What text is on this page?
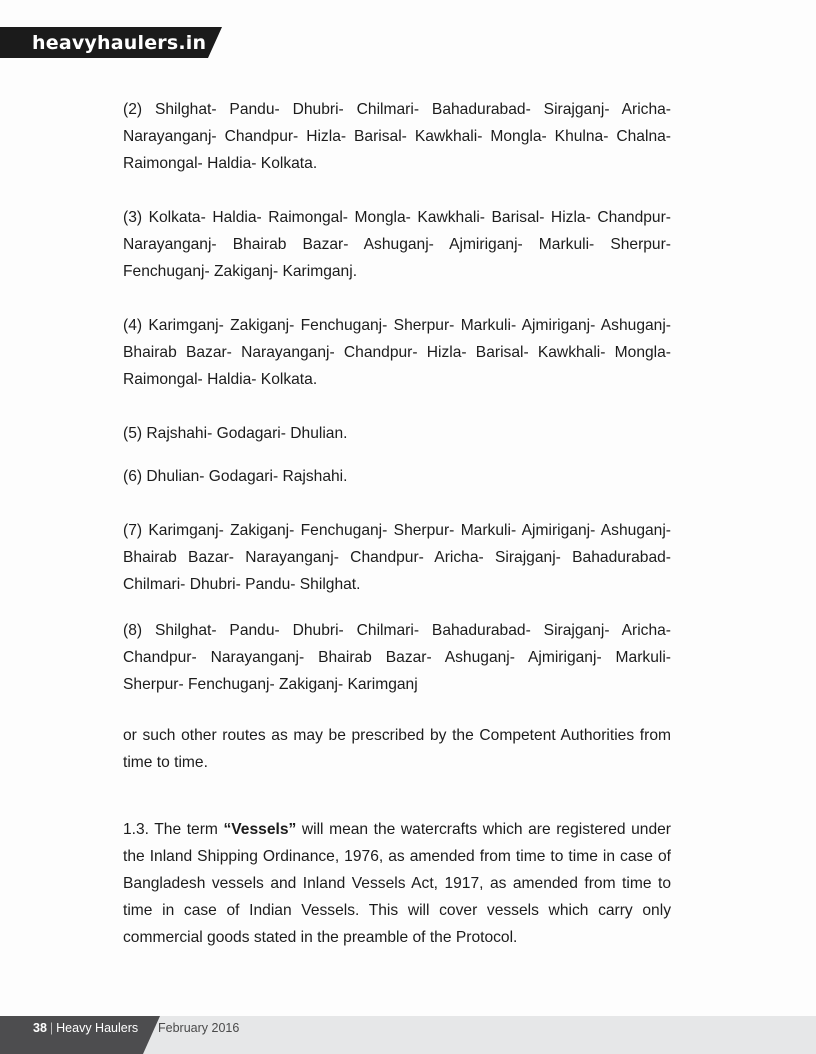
heavyhaulers.in

(2) Shilghat- Pandu- Dhubri- Chilmari- Bahadurabad- Sirajganj- Aricha- Narayanganj- Chandpur- Hizla- Barisal- Kawkhali- Mongla- Khulna- Chalna- Raimongal- Haldia- Kolkata.

(3) Kolkata- Haldia- Raimongal- Mongla- Kawkhali- Barisal- Hizla- Chandpur- Narayanganj- Bhairab Bazar- Ashuganj- Ajmiriganj- Markuli- Sherpur- Fenchuganj- Zakiganj- Karimganj.

(4) Karimganj- Zakiganj- Fenchuganj- Sherpur- Markuli- Ajmiriganj- Ashuganj- Bhairab Bazar- Narayanganj- Chandpur- Hizla- Barisal- Kawkhali- Mongla- Raimongal- Haldia- Kolkata.

(5) Rajshahi- Godagari- Dhulian.

(6) Dhulian- Godagari- Rajshahi.

(7) Karimganj- Zakiganj- Fenchuganj- Sherpur- Markuli- Ajmiriganj- Ashuganj- Bhairab Bazar- Narayanganj- Chandpur- Aricha- Sirajganj- Bahadurabad- Chilmari- Dhubri- Pandu- Shilghat.

(8) Shilghat- Pandu- Dhubri- Chilmari- Bahadurabad- Sirajganj- Aricha- Chandpur- Narayanganj- Bhairab Bazar- Ashuganj- Ajmiriganj- Markuli- Sherpur- Fenchuganj- Zakiganj- Karimganj

or such other routes as may be prescribed by the Competent Authorities from time to time.

1.3. The term “Vessels” will mean the watercrafts which are registered under the Inland Shipping Ordinance, 1976, as amended from time to time in case of Bangladesh vessels and Inland Vessels Act, 1917, as amended from time to time in case of Indian Vessels. This will cover vessels which carry only commercial goods stated in the preamble of the Protocol.

38 | Heavy Haulers February 2016
